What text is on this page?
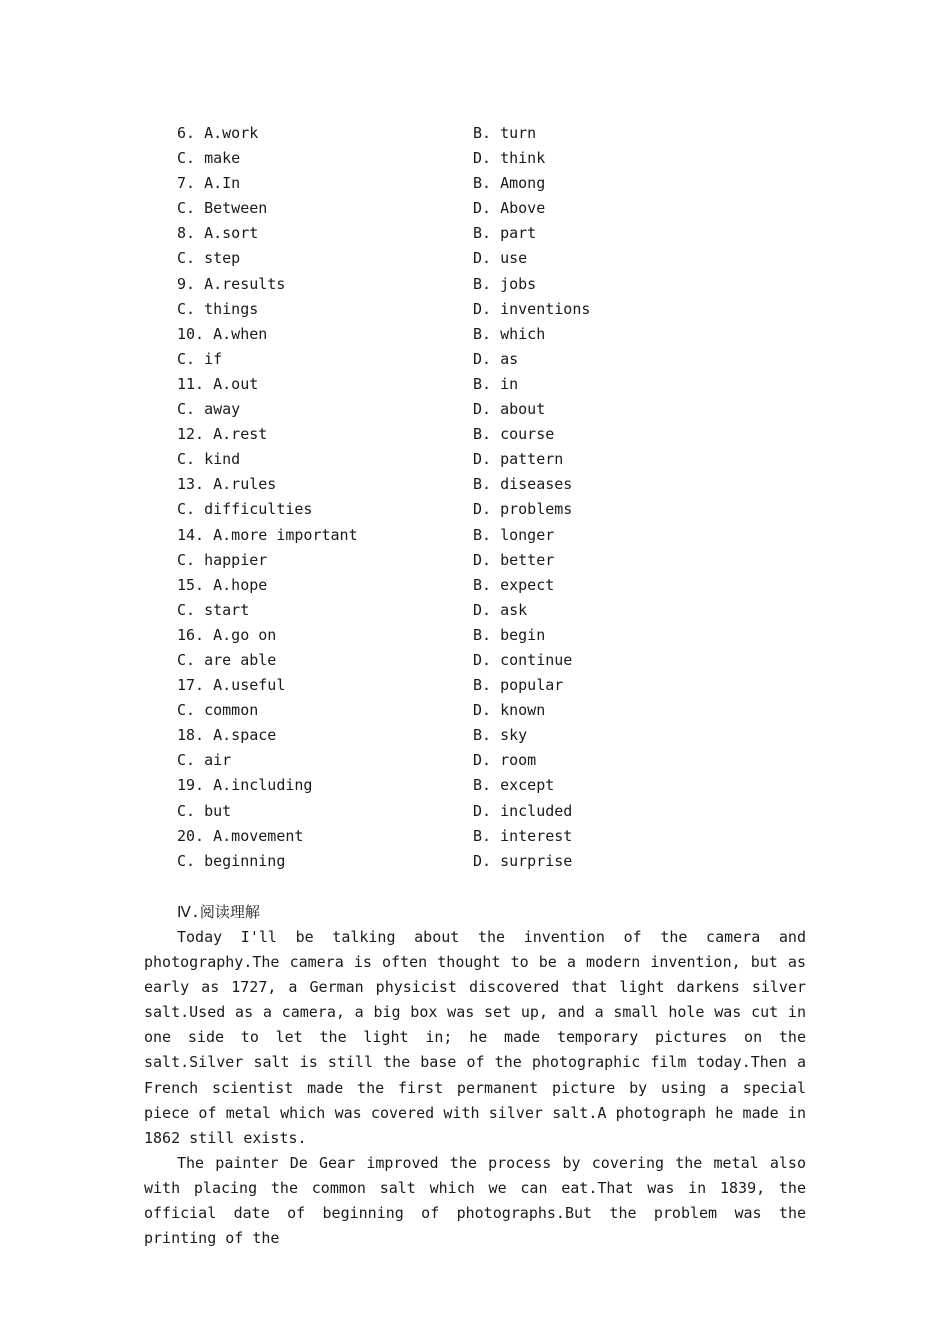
6. A.work	B. turn
C. make	D. think
7. A.In	B. Among
C. Between	D. Above
8. A.sort	B. part
C. step	D. use
9. A.results	B. jobs
C. things	D. inventions
10. A.when	B. which
C. if	D. as
11. A.out	B. in
C. away	D. about
12. A.rest	B. course
C. kind	D. pattern
13. A.rules	B. diseases
C. difficulties	D. problems
14. A.more important	B. longer
C. happier	D. better
15. A.hope	B. expect
C. start	D. ask
16. A.go on	B. begin
C. are able	D. continue
17. A.useful	B. popular
C. common	D. known
18. A.space	B. sky
C. air	D. room
19. A.including	B. except
C. but	D. included
20. A.movement	B. interest
C. beginning	D. surprise
Ⅳ.阅读理解

Today I'll be talking about the invention of the camera and photography.The camera is often thought to be a modern invention, but as early as 1727, a German physicist discovered that light darkens silver salt.Used as a camera, a big box was set up, and a small hole was cut in one side to let the light in; he made temporary pictures on the salt.Silver salt is still the base of the photographic film today.Then a French scientist made the first permanent picture by using a special piece of metal which was covered with silver salt.A photograph he made in 1862 still exists.

The painter De Gear improved the process by covering the metal also with placing the common salt which we can eat.That was in 1839, the official date of beginning of photographs.But the problem was the printing of the
